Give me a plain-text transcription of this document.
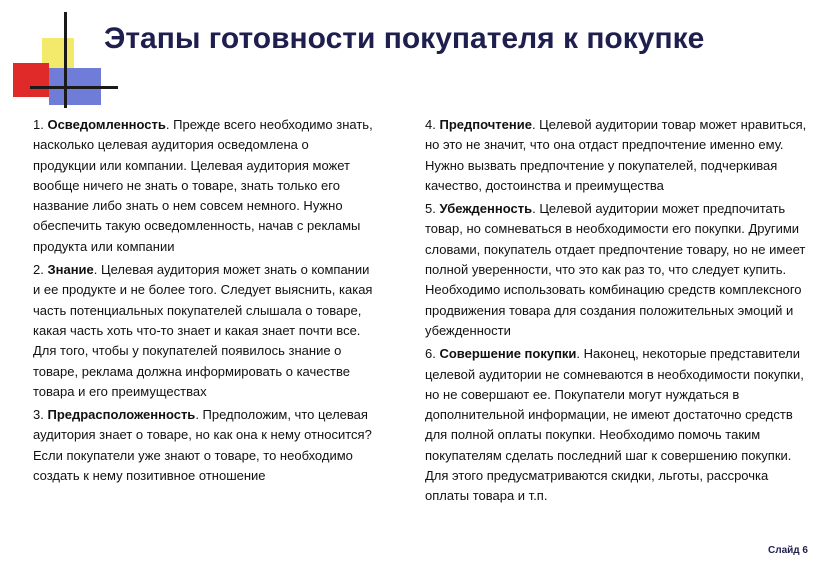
Этапы готовности покупателя к покупке

1. Осведомленность. Прежде всего необходимо знать, насколько целевая аудитория осведомлена о продукции или компании. Целевая аудитория может вообще ничего не знать о товаре, знать только его название либо знать о нем совсем немного. Нужно обеспечить такую осведомленность, начав с рекламы продукта или компании

2. Знание. Целевая аудитория может знать о компании и ее продукте и не более того. Следует выяснить, какая часть потенциальных покупателей слышала о товаре, какая часть хоть что-то знает и какая знает почти все. Для того, чтобы у покупателей появилось знание о товаре, реклама должна информировать о качестве товара и его преимуществах

3. Предрасположенность. Предположим, что целевая аудитория знает о товаре, но как она к нему относится? Если покупатели уже знают о товаре, то необходимо создать к нему позитивное отношение

4. Предпочтение. Целевой аудитории товар может нравиться, но это не значит, что она отдаст предпочтение именно ему. Нужно вызвать предпочтение у покупателей, подчеркивая качество, достоинства и преимущества

5. Убежденность. Целевой аудитории может предпочитать товар, но сомневаться в необходимости его покупки. Другими словами, покупатель отдает предпочтение товару, но не имеет полной уверенности, что это как раз то, что следует купить. Необходимо использовать комбинацию средств комплексного продвижения товара для создания положительных эмоций и убежденности

6. Совершение покупки. Наконец, некоторые представители целевой аудитории не сомневаются в необходимости покупки, но не совершают ее. Покупатели могут нуждаться в дополнительной информации, не имеют достаточно средств для полной оплаты покупки. Необходимо помочь таким покупателям сделать последний шаг к совершению покупки. Для этого предусматриваются скидки, льготы, рассрочка оплаты товара и т.п.

Слайд 6
